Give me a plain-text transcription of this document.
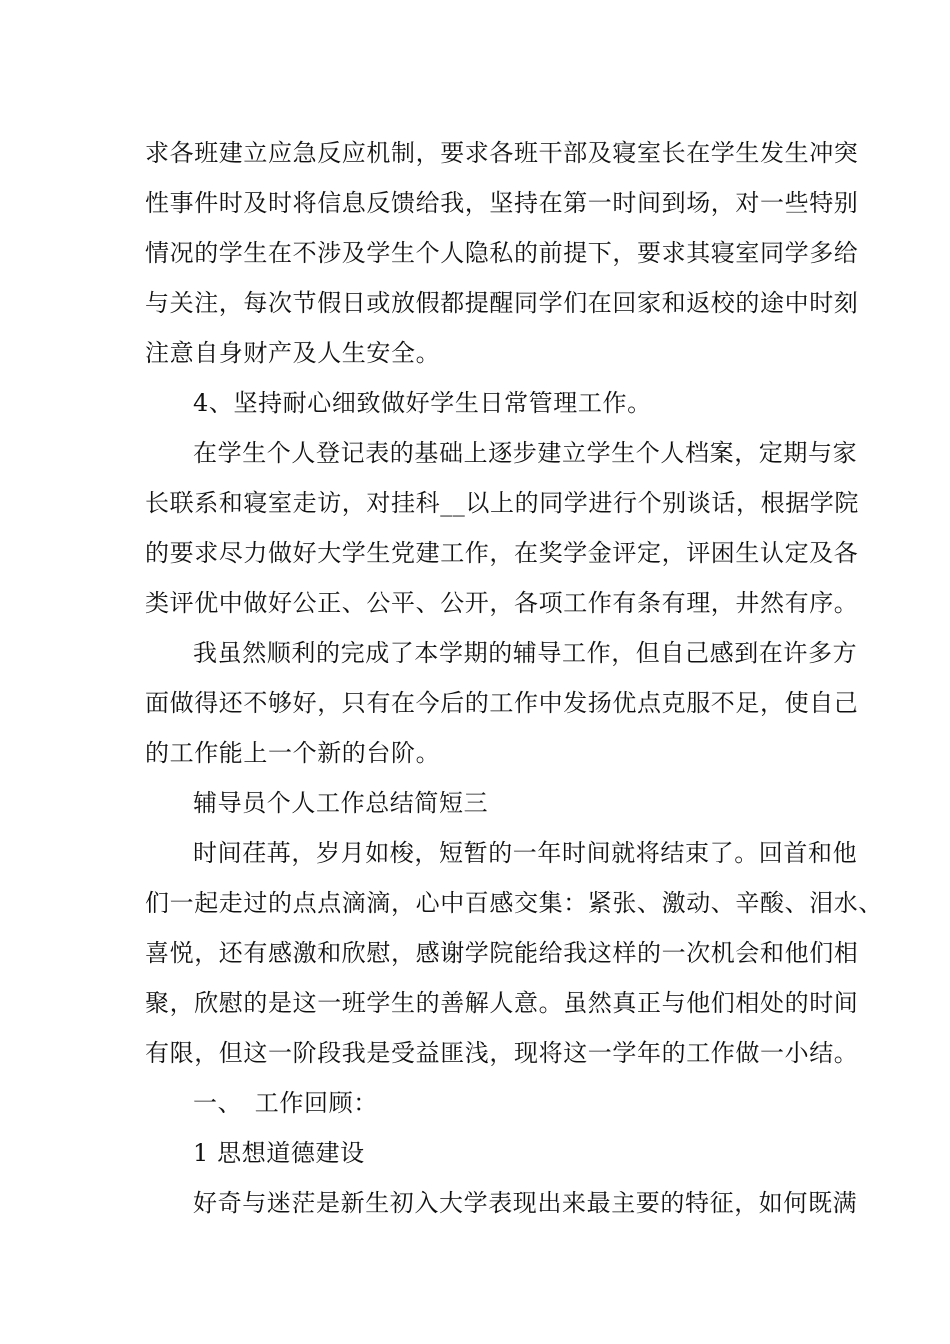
求各班建立应急反应机制，要求各班干部及寝室长在学生发生冲突
性事件时及时将信息反馈给我，坚持在第一时间到场，对一些特别
情况的学生在不涉及学生个人隐私的前提下，要求其寝室同学多给
与关注，每次节假日或放假都提醒同学们在回家和返校的途中时刻
注意自身财产及人生安全。
4、坚持耐心细致做好学生日常管理工作。
在学生个人登记表的基础上逐步建立学生个人档案，定期与家
长联系和寝室走访，对挂科__以上的同学进行个别谈话，根据学院
的要求尽力做好大学生党建工作，在奖学金评定，评困生认定及各
类评优中做好公正、公平、公开，各项工作有条有理，井然有序。
我虽然顺利的完成了本学期的辅导工作，但自己感到在许多方
面做得还不够好，只有在今后的工作中发扬优点克服不足，使自己
的工作能上一个新的台阶。
辅导员个人工作总结简短三
时间荏苒，岁月如梭，短暂的一年时间就将结束了。回首和他
们一起走过的点点滴滴，心中百感交集：紧张、激动、辛酸、泪水、
喜悦，还有感激和欣慰，感谢学院能给我这样的一次机会和他们相
聚，欣慰的是这一班学生的善解人意。虽然真正与他们相处的时间
有限，但这一阶段我是受益匪浅，现将这一学年的工作做一小结。
一、　工作回顾：
1 思想道德建设
好奇与迷茫是新生初入大学表现出来最主要的特征，如何既满
